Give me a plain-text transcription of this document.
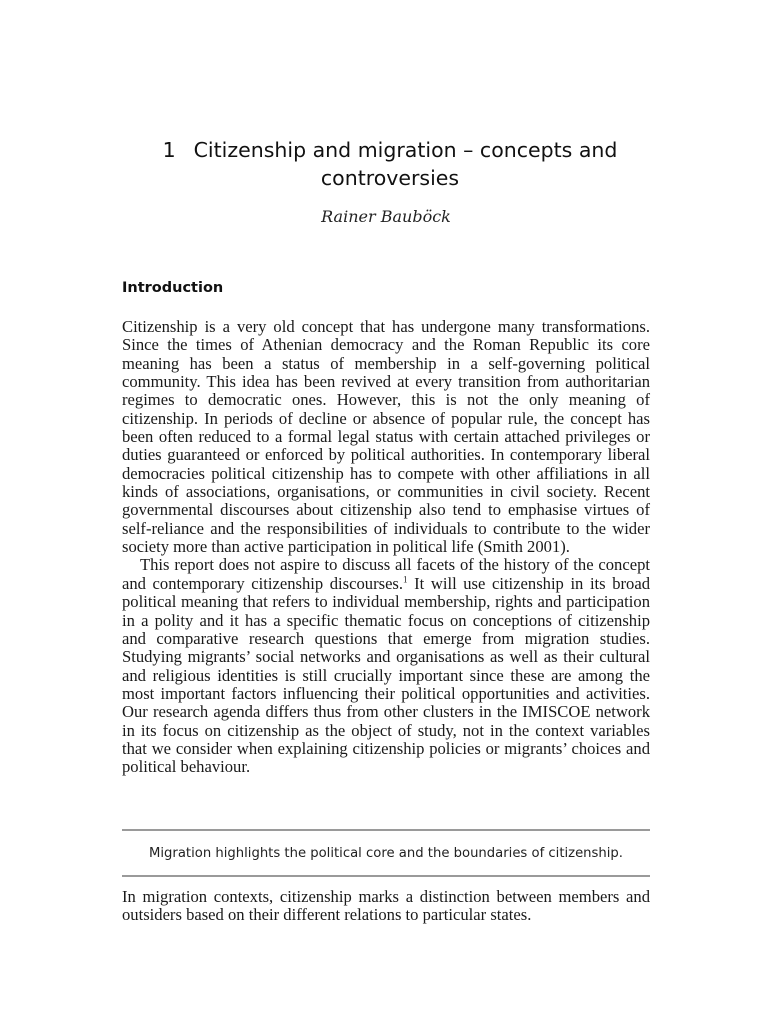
1 Citizenship and migration – concepts and
controversies
Rainer Bauböck
Introduction

Citizenship is a very old concept that has undergone many transformations. Since the times of Athenian democracy and the Roman Republic its core meaning has been a status of membership in a self-governing political community. This idea has been revived at every transition from authoritarian regimes to democratic ones. However, this is not the only meaning of citizenship. In periods of decline or absence of popular rule, the concept has been often reduced to a formal legal status with certain attached privileges or duties guaranteed or enforced by political authorities. In contemporary liberal democracies political citizenship has to compete with other affiliations in all kinds of associations, organisations, or communities in civil society. Recent governmental discourses about citizenship also tend to emphasise virtues of self-reliance and the responsibilities of individuals to contribute to the wider society more than active participation in political life (Smith 2001).

This report does not aspire to discuss all facets of the history of the concept and contemporary citizenship discourses.$^1$ It will use citizenship in its broad political meaning that refers to individual membership, rights and participation in a polity and it has a specific thematic focus on conceptions of citizenship and comparative research questions that emerge from migration studies. Studying migrants’ social networks and organisations as well as their cultural and religious identities is still crucially important since these are among the most important factors influencing their political opportunities and activities. Our research agenda differs thus from other clusters in the IMISCOE network in its focus on citizenship as the object of study, not in the context variables that we consider when explaining citizenship policies or migrants’ choices and political behaviour.

Migration highlights the political core and the boundaries of citizenship.

In migration contexts, citizenship marks a distinction between members and outsiders based on their different relations to particular states.
